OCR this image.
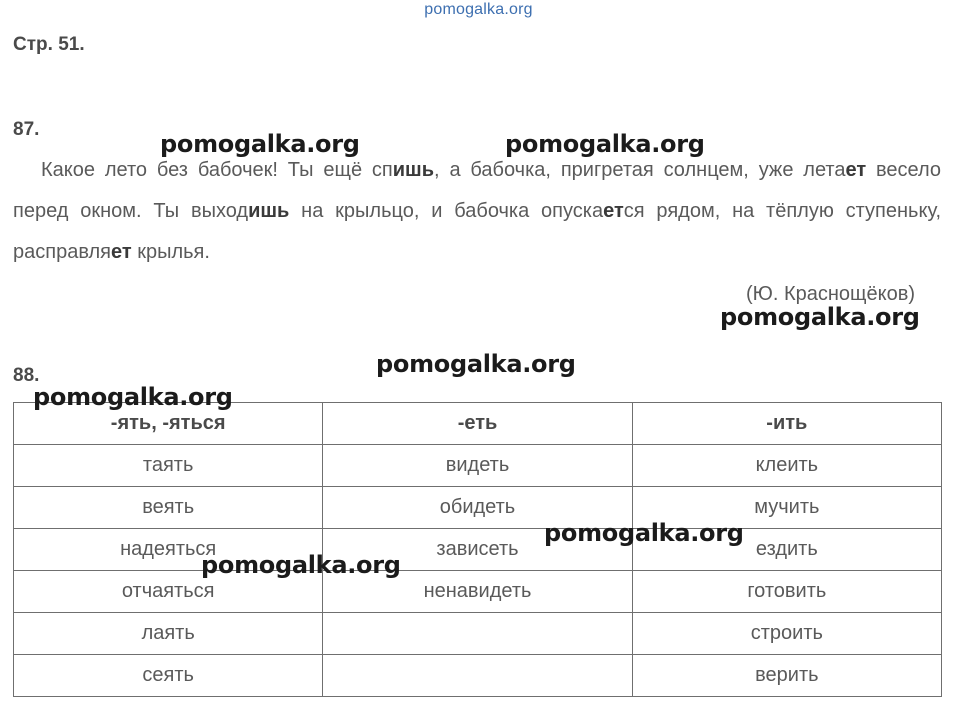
pomogalka.org
Стр. 51.
87.
Какое лето без бабочек! Ты ещё спишь, а бабочка, пригретая солнцем, уже летает весело перед окном. Ты выходишь на крыльцо, и бабочка опускается рядом, на тёплую ступеньку, расправляет крылья.
(Ю. Краснощёков)
88.
-ять, -яться	-еть	-ить
таять	видеть	клеить
веять	обидеть	мучить
надеяться	зависеть	ездить
отчаяться	ненавидеть	готовить
лаять		строить
сеять		верить
pomogalka.org	pomogalka.org
pomogalka.org
pomogalka.org
pomogalka.org
pomogalka.org
pomogalka.org
